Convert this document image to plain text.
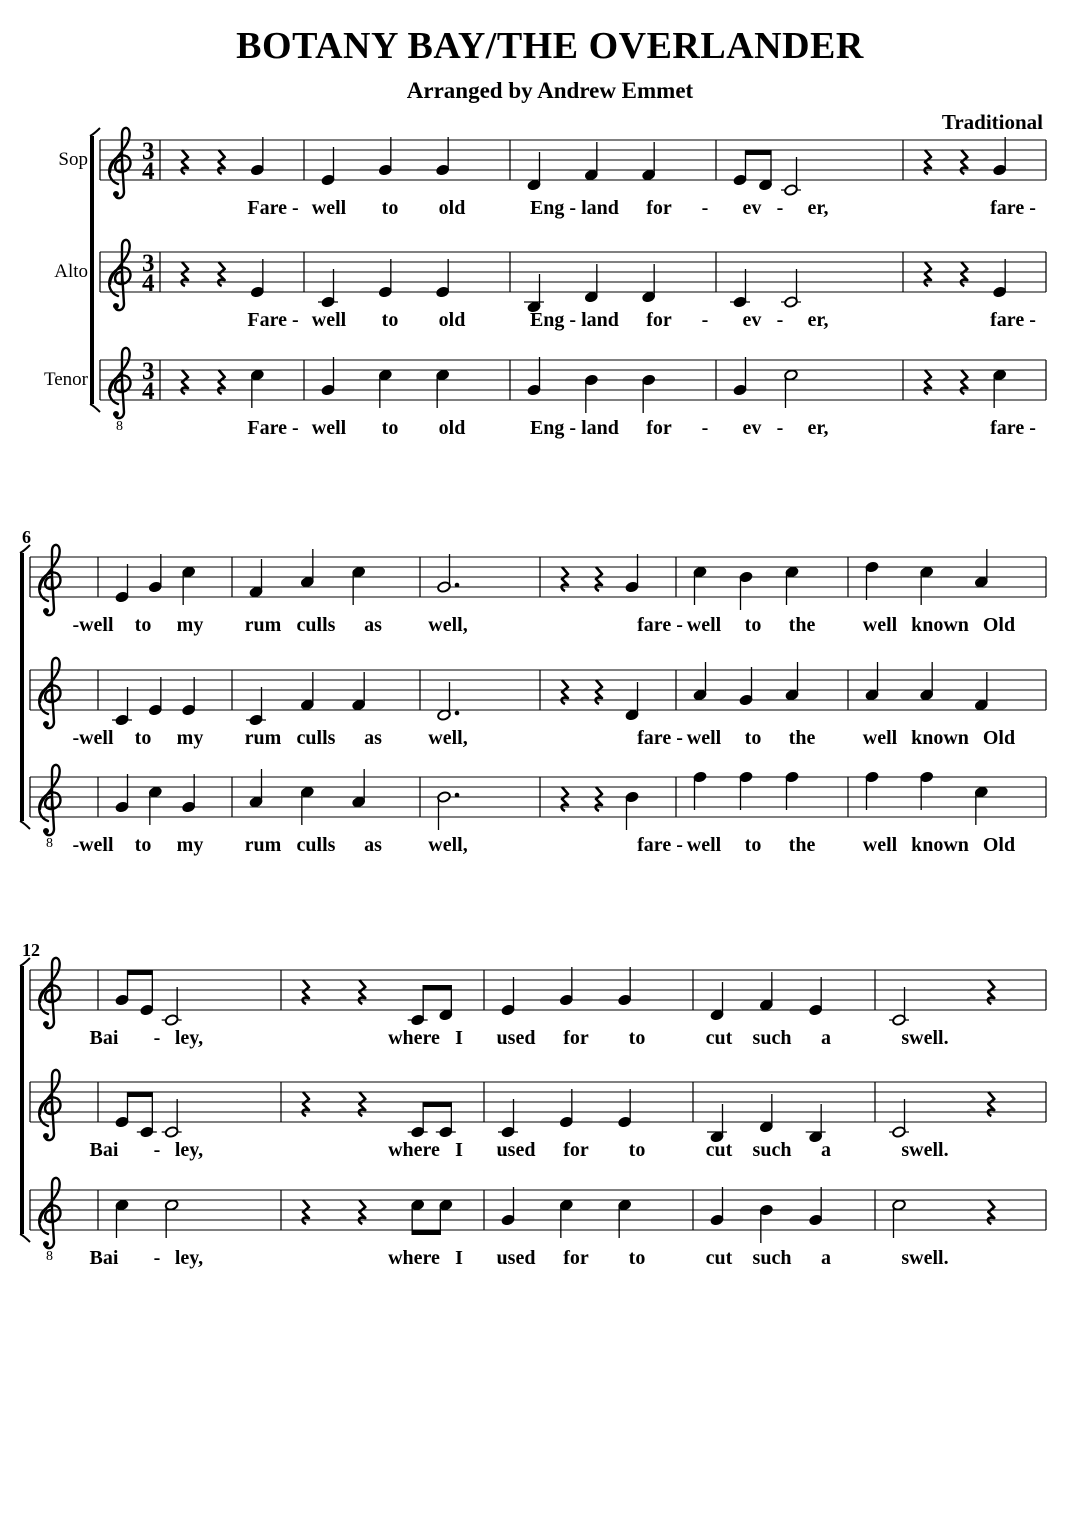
BOTANY BAY/THE OVERLANDER
Arranged by Andrew Emmet
Traditional
Sop 3
4
Fare - well to old	Eng - land for - ev - er,	fare -
Alto 3
4
Fare - well to old	Eng - land for - ev - er,	fare -
8
Tenor 3
4
Fare - well to old	Eng - land for - ev - er,	fare -
6
-well to my rum culls as well,	fare - well to the well known Old
-well to my rum culls as well,	fare - well to the well known Old
8 -well to my rum culls as well,	fare - well to the well known Old
12
Bai - ley,	where I used for to	cut such a	swell.
Bai - ley,	where I used for to	cut such a	swell.
8 Bai - ley,	where I used for to	cut such a	swell.
